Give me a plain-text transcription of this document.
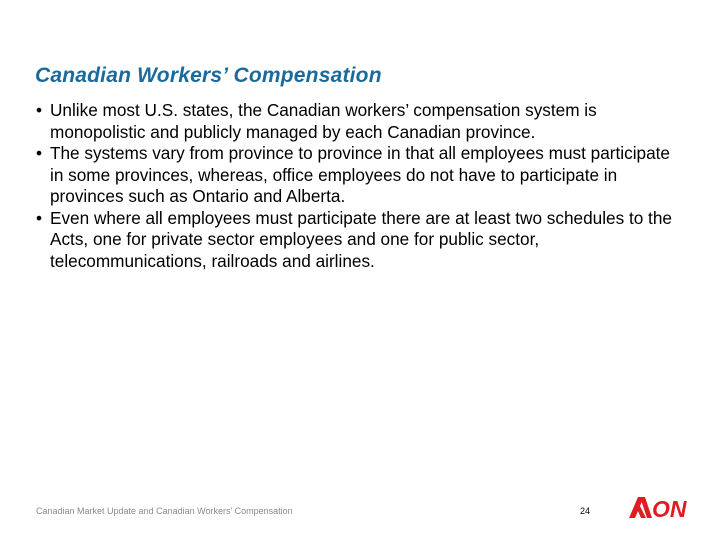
Canadian Workers’ Compensation
• Unlike most U.S. states, the Canadian workers’ compensation system is monopolistic and publicly managed by each Canadian province.
• The systems vary from province to province in that all employees must participate in some provinces, whereas, office employees do not have to participate in provinces such as Ontario and Alberta.
• Even where all employees must participate there are at least two schedules to the Acts, one for private sector employees and one for public sector, telecommunications, railroads and airlines.
Canadian Market Update and Canadian Workers’ Compensation	24	ON
